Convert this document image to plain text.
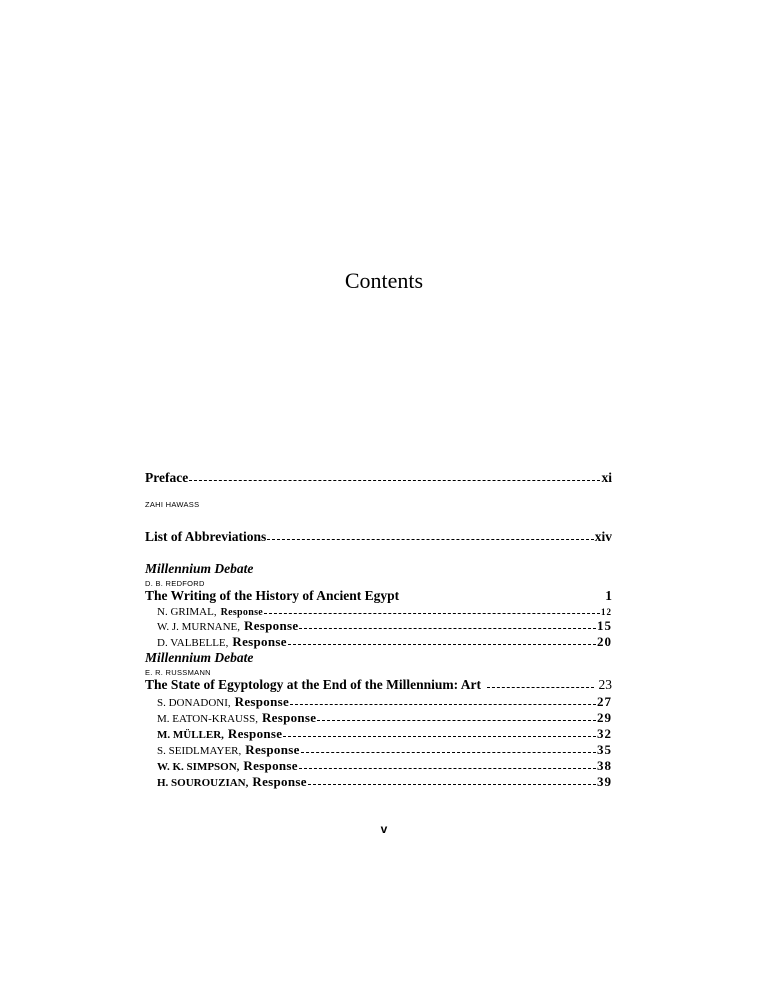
Contents
Preface	xi
ZAHI HAWASS
List of Abbreviations	xiv
Millennium Debate
D. B. REDFORD
The Writing of the History of Ancient Egypt	1
N. GRIMAL, Response	12
W. J. MURNANE, Response	15
D. VALBELLE, Response	20
Millennium Debate
E. R. RUSSMANN
The State of Egyptology at the End of the Millennium: Art	23
S. DONADONI, Response	27
M. EATON-KRAUSS, Response	29
M. MÜLLER, Response	32
S. SEIDLMAYER, Response	35
W. K. SIMPSON, Response	38
H. SOUROUZIAN, Response	39
v
